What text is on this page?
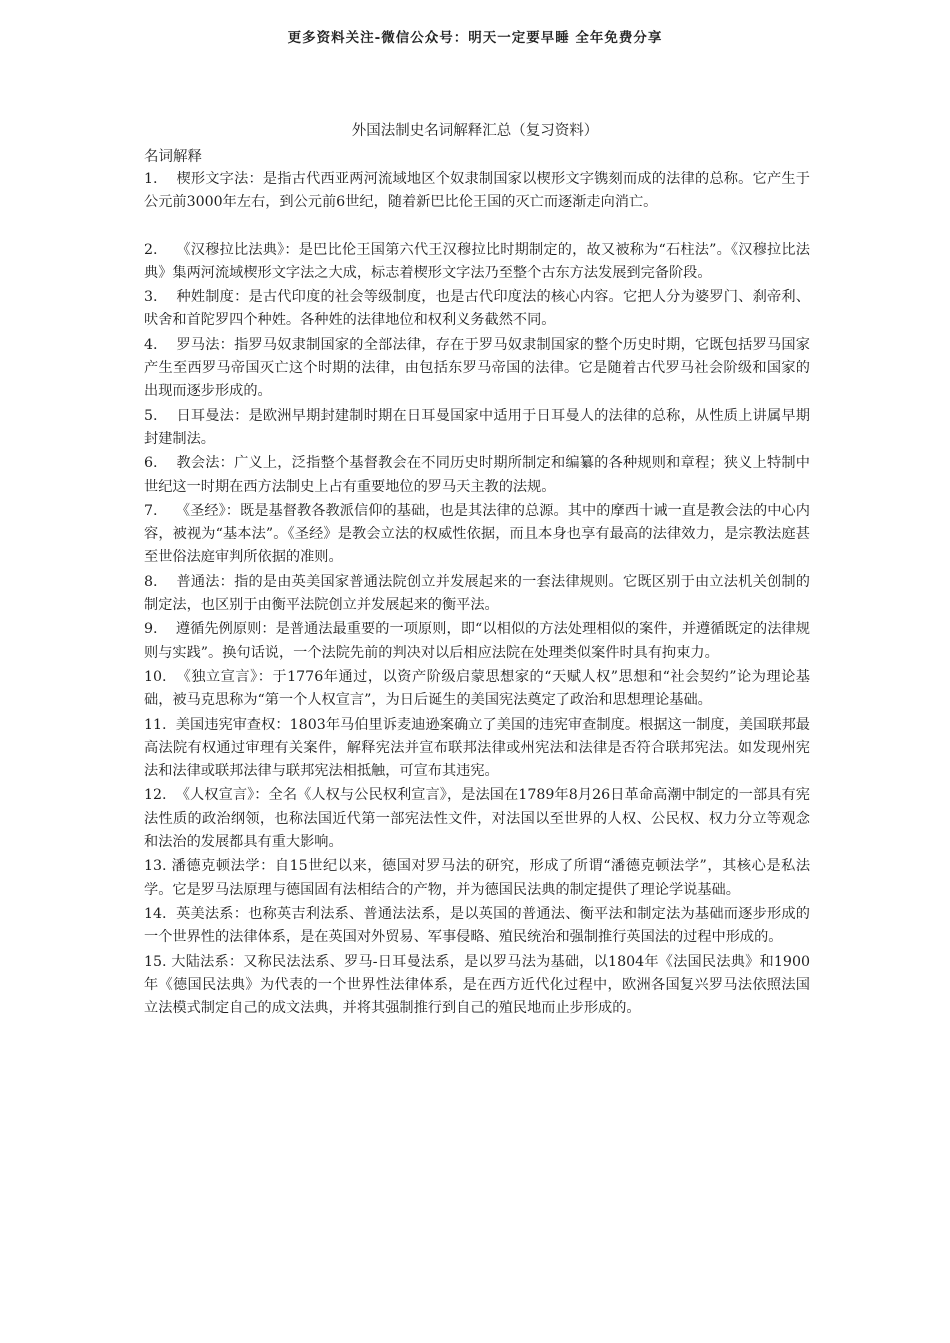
更多资料关注-微信公众号：明天一定要早睡 全年免费分享
外国法制史名词解释汇总（复习资料）
名词解释

1. 楔形文字法：是指古代西亚两河流域地区个奴隶制国家以楔形文字镌刻而成的法律的总称。它产生于公元前3000年左右，到公元前6世纪，随着新巴比伦王国的灭亡而逐渐走向消亡。

2. 《汉穆拉比法典》：是巴比伦王国第六代王汉穆拉比时期制定的，故又被称为“石柱法”。《汉穆拉比法典》集两河流域楔形文字法之大成，标志着楔形文字法乃至整个古东方法发展到完备阶段。

3. 种姓制度：是古代印度的社会等级制度，也是古代印度法的核心内容。它把人分为婆罗门、刹帝利、吠舍和首陀罗四个种姓。各种姓的法律地位和权利义务截然不同。

4. 罗马法：指罗马奴隶制国家的全部法律，存在于罗马奴隶制国家的整个历史时期，它既包括罗马国家产生至西罗马帝国灭亡这个时期的法律，由包括东罗马帝国的法律。它是随着古代罗马社会阶级和国家的出现而逐步形成的。

5. 日耳曼法：是欧洲早期封建制时期在日耳曼国家中适用于日耳曼人的法律的总称，从性质上讲属早期封建制法。

6. 教会法：广义上，泛指整个基督教会在不同历史时期所制定和编纂的各种规则和章程；狭义上特制中世纪这一时期在西方法制史上占有重要地位的罗马天主教的法规。

7. 《圣经》：既是基督教各教派信仰的基础，也是其法律的总源。其中的摩西十诫一直是教会法的中心内容，被视为“基本法”。《圣经》是教会立法的权威性依据，而且本身也享有最高的法律效力，是宗教法庭甚至世俗法庭审判所依据的准则。

8. 普通法：指的是由英美国家普通法院创立并发展起来的一套法律规则。它既区别于由立法机关创制的制定法，也区别于由衡平法院创立并发展起来的衡平法。

9. 遵循先例原则：是普通法最重要的一项原则，即“以相似的方法处理相似的案件，并遵循既定的法律规则与实践”。换句话说，一个法院先前的判决对以后相应法院在处理类似案件时具有拘束力。

10. 《独立宣言》：于1776年通过，以资产阶级启蒙思想家的“天赋人权”思想和“社会契约”论为理论基础，被马克思称为“第一个人权宣言”，为日后诞生的美国宪法奠定了政治和思想理论基础。

11. 美国违宪审查权：1803年马伯里诉麦迪逊案确立了美国的违宪审查制度。根据这一制度，美国联邦最高法院有权通过审理有关案件，解释宪法并宣布联邦法律或州宪法和法律是否符合联邦宪法。如发现州宪法和法律或联邦法律与联邦宪法相抵触，可宣布其违宪。

12. 《人权宣言》：全名《人权与公民权利宣言》，是法国在1789年8月26日革命高潮中制定的一部具有宪法性质的政治纲领，也称法国近代第一部宪法性文件，对法国以至世界的人权、公民权、权力分立等观念和法治的发展都具有重大影响。

13. 潘德克顿法学：自15世纪以来，德国对罗马法的研究，形成了所谓“潘德克顿法学”，其核心是私法学。它是罗马法原理与德国固有法相结合的产物，并为德国民法典的制定提供了理论学说基础。

14. 英美法系：也称英吉利法系、普通法法系，是以英国的普通法、衡平法和制定法为基础而逐步形成的一个世界性的法律体系，是在英国对外贸易、军事侵略、殖民统治和强制推行英国法的过程中形成的。

15. 大陆法系：又称民法法系、罗马-日耳曼法系，是以罗马法为基础，以1804年《法国民法典》和1900年《德国民法典》为代表的一个世界性法律体系，是在西方近代化过程中，欧洲各国复兴罗马法依照法国立法模式制定自己的成文法典，并将其强制推行到自己的殖民地而止步形成的。
